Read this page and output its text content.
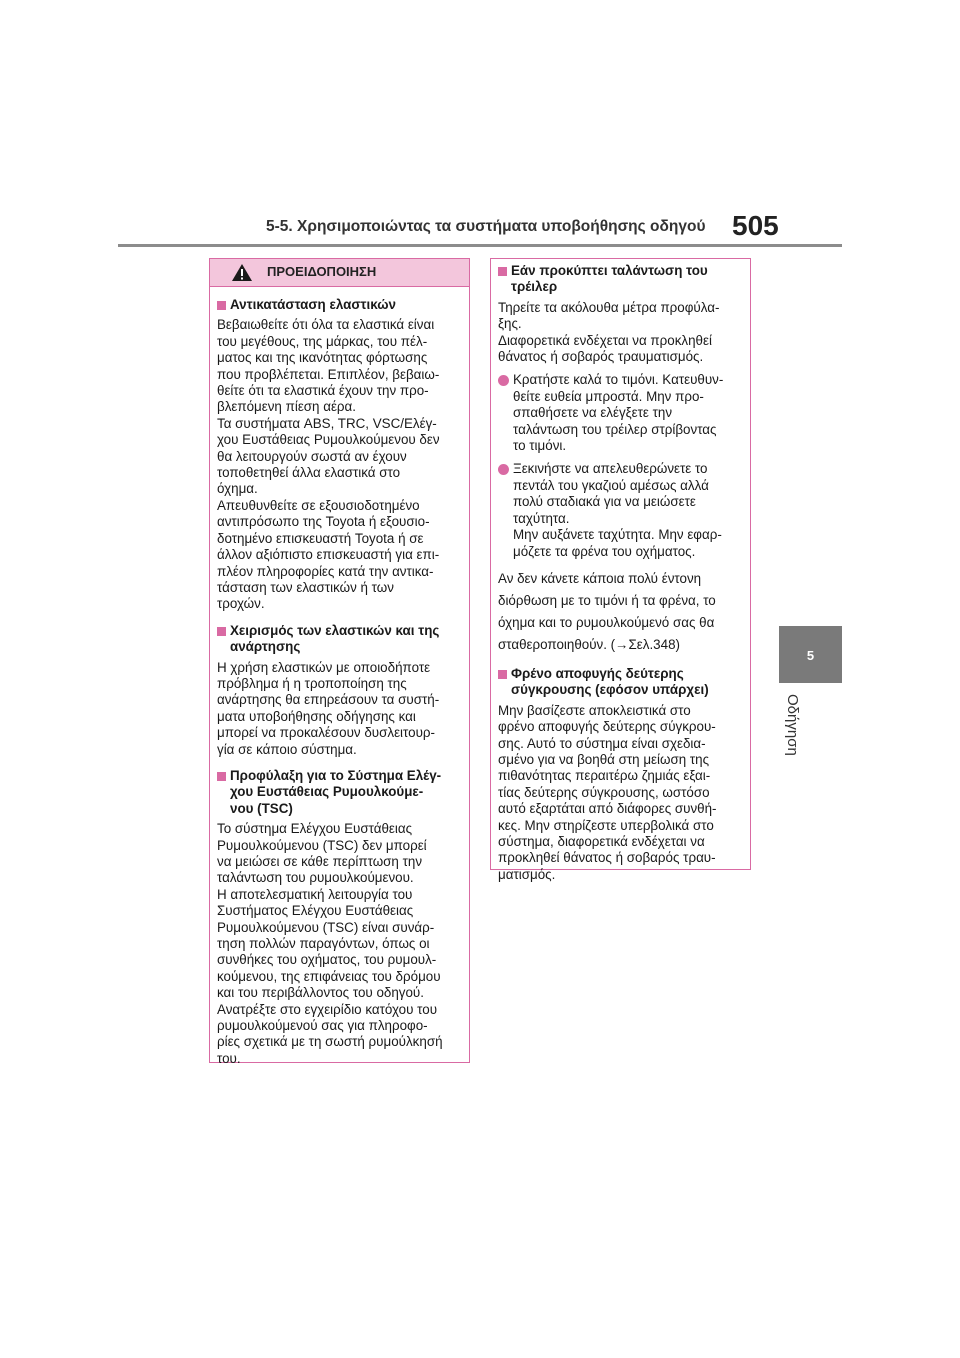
5-5. Χρησιμοποιώντας τα συστήματα υποβοήθησης οδηγού 505
5
Οδήγηση
ΠΡΟΕΙΔΟΠΟΙΗΣΗ
Αντικατάσταση ελαστικών
Βεβαιωθείτε ότι όλα τα ελαστικά είναι
του μεγέθους, της μάρκας, του πέλ-
ματος και της ικανότητας φόρτωσης
που προβλέπεται. Επιπλέον, βεβαιω-
θείτε ότι τα ελαστικά έχουν την προ-
βλεπόμενη πίεση αέρα.
Τα συστήματα ABS, TRC, VSC/Ελέγ-
χου Ευστάθειας Ρυμουλκούμενου δεν
θα λειτουργούν σωστά αν έχουν
τοποθετηθεί άλλα ελαστικά στο
όχημα.
Απευθυνθείτε σε εξουσιοδοτημένο
αντιπρόσωπο της Toyota ή εξουσιο-
δοτημένο επισκευαστή Toyota ή σε
άλλον αξιόπιστο επισκευαστή για επι-
πλέον πληροφορίες κατά την αντικα-
τάσταση των ελαστικών ή των
τροχών.
Χειρισμός των ελαστικών και της
ανάρτησης
Η χρήση ελαστικών με οποιοδήποτε
πρόβλημα ή η τροποποίηση της
ανάρτησης θα επηρεάσουν τα συστή-
ματα υποβοήθησης οδήγησης και
μπορεί να προκαλέσουν δυσλειτουρ-
γία σε κάποιο σύστημα.
Προφύλαξη για το Σύστημα Ελέγ-
χου Ευστάθειας Ρυμουλκούμε-
νου (TSC)
Το σύστημα Ελέγχου Ευστάθειας
Ρυμουλκούμενου (TSC) δεν μπορεί
να μειώσει σε κάθε περίπτωση την
ταλάντωση του ρυμουλκούμενου.
Η αποτελεσματική λειτουργία του
Συστήματος Ελέγχου Ευστάθειας
Ρυμουλκούμενου (TSC) είναι συνάρ-
τηση πολλών παραγόντων, όπως οι
συνθήκες του οχήματος, του ρυμουλ-
κούμενου, της επιφάνειας του δρόμου
και του περιβάλλοντος του οδηγού.
Ανατρέξτε στο εγχειρίδιο κατόχου του
ρυμουλκούμενού σας για πληροφο-
ρίες σχετικά με τη σωστή ρυμούλκησή
του.
Εάν προκύπτει ταλάντωση του
τρέιλερ
Τηρείτε τα ακόλουθα μέτρα προφύλα-
ξης.
Διαφορετικά ενδέχεται να προκληθεί
θάνατος ή σοβαρός τραυματισμός.
Κρατήστε καλά το τιμόνι. Κατευθυν-
θείτε ευθεία μπροστά. Μην προ-
σπαθήσετε να ελέγξετε την
ταλάντωση του τρέιλερ στρίβοντας
το τιμόνι.
Ξεκινήστε να απελευθερώνετε το
πεντάλ του γκαζιού αμέσως αλλά
πολύ σταδιακά για να μειώσετε
ταχύτητα.
Μην αυξάνετε ταχύτητα. Μην εφαρ-
μόζετε τα φρένα του οχήματος.
Αν δεν κάνετε κάποια πολύ έντονη
διόρθωση με το τιμόνι ή τα φρένα, το
όχημα και το ρυμουλκούμενό σας θα
σταθεροποιηθούν. (→Σελ.348)
Φρένο αποφυγής δεύτερης
σύγκρουσης (εφόσον υπάρχει)
Μην βασίζεστε αποκλειστικά στο
φρένο αποφυγής δεύτερης σύγκρου-
σης. Αυτό το σύστημα είναι σχεδια-
σμένο για να βοηθά στη μείωση της
πιθανότητας περαιτέρω ζημιάς εξαι-
τίας δεύτερης σύγκρουσης, ωστόσο
αυτό εξαρτάται από διάφορες συνθή-
κες. Μην στηρίζεστε υπερβολικά στο
σύστημα, διαφορετικά ενδέχεται να
προκληθεί θάνατος ή σοβαρός τραυ-
ματισμός.
